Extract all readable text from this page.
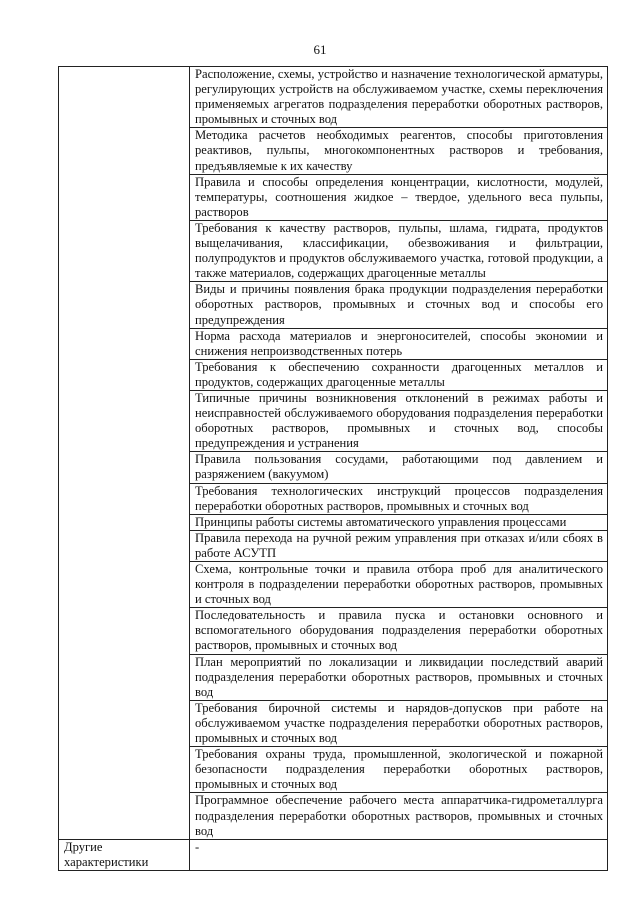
61
	Расположение, схемы, устройство и назначение технологической арматуры, регулирующих устройств на обслуживаемом участке, схемы переключения применяемых агрегатов подразделения переработки оборотных растворов, промывных и сточных вод
	Методика расчетов необходимых реагентов, способы приготовления реактивов, пульпы, многокомпонентных растворов и требования, предъявляемые к их качеству
	Правила и способы определения концентрации, кислотности, модулей, температуры, соотношения жидкое – твердое, удельного веса пульпы, растворов
	Требования к качеству растворов, пульпы, шлама, гидрата, продуктов выщелачивания, классификации, обезвоживания и фильтрации, полупродуктов и продуктов обслуживаемого участка, готовой продукции, а также материалов, содержащих драгоценные металлы
	Виды и причины появления брака продукции подразделения переработки оборотных растворов, промывных и сточных вод и способы его предупреждения
	Норма расхода материалов и энергоносителей, способы экономии и снижения непроизводственных потерь
	Требования к обеспечению сохранности драгоценных металлов и продуктов, содержащих драгоценные металлы
	Типичные причины возникновения отклонений в режимах работы и неисправностей обслуживаемого оборудования подразделения переработки оборотных растворов, промывных и сточных вод, способы предупреждения и устранения
	Правила пользования сосудами, работающими под давлением и разряжением (вакуумом)
	Требования технологических инструкций процессов подразделения переработки оборотных растворов, промывных и сточных вод
	Принципы работы системы автоматического управления процессами
	Правила перехода на ручной режим управления при отказах и/или сбоях в работе АСУТП
	Схема, контрольные точки и правила отбора проб для аналитического контроля в подразделении переработки оборотных растворов, промывных и сточных вод
	Последовательность и правила пуска и остановки основного и вспомогательного оборудования подразделения переработки оборотных растворов, промывных и сточных вод
	План мероприятий по локализации и ликвидации последствий аварий подразделения переработки оборотных растворов, промывных и сточных вод
	Требования бирочной системы и нарядов-допусков при работе на обслуживаемом участке подразделения переработки оборотных растворов, промывных и сточных вод
	Требования охраны труда, промышленной, экологической и пожарной безопасности подразделения переработки оборотных растворов, промывных и сточных вод
	Программное обеспечение рабочего места аппаратчика-гидрометаллурга подразделения переработки оборотных растворов, промывных и сточных вод
Другие характеристики	-
